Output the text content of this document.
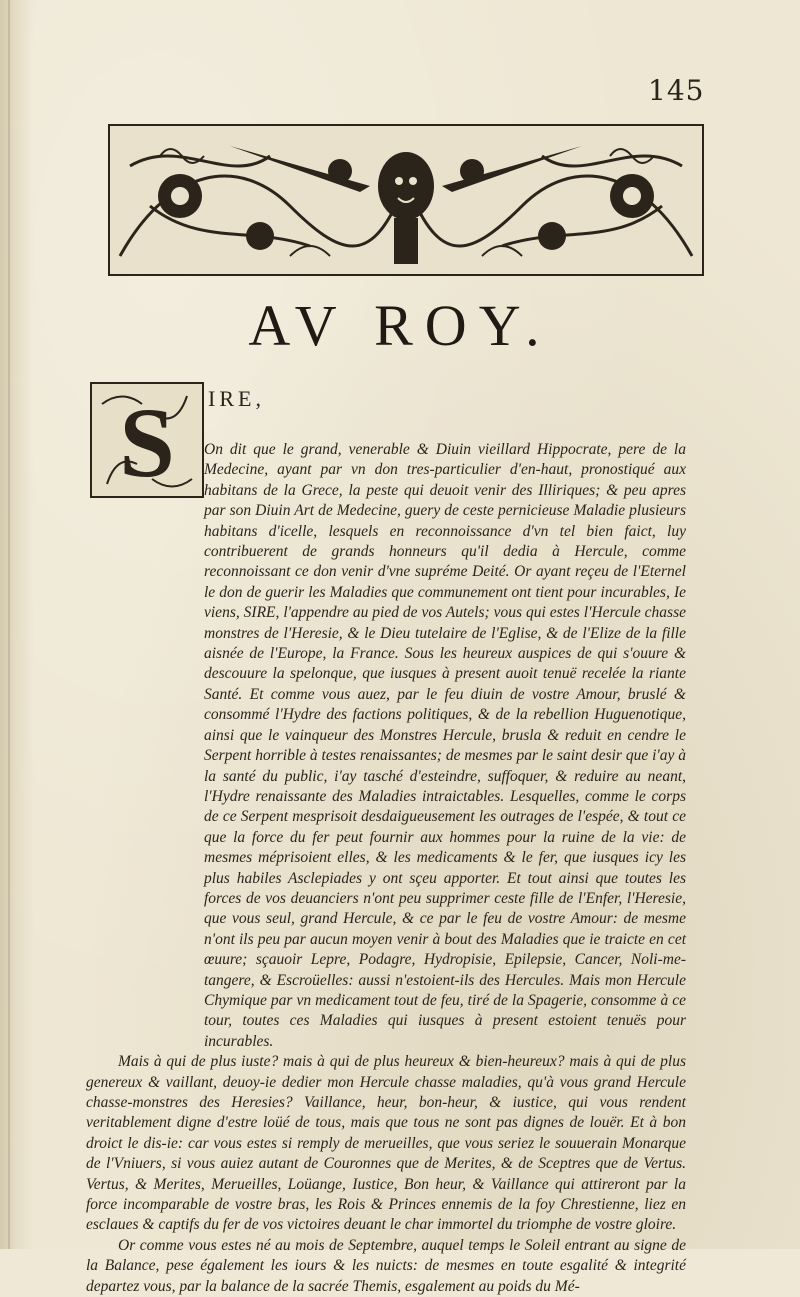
145
AV ROY.
S IRE,

On dit que le grand, venerable & Diuin vieillard Hippocrate, pere de la Medecine, ayant par vn don tres-particulier d'en-haut, pronostiqué aux habitans de la Grece, la peste qui deuoit venir des Illiriques; & peu apres par son Diuin Art de Medecine, guery de ceste pernicieuse Maladie plusieurs habitans d'icelle, lesquels en reconnoissance d'vn tel bien faict, luy contribuerent de grands honneurs qu'il dedia à Hercule, comme reconnoissant ce don venir d'vne supréme Deité. Or ayant reçeu de l'Eternel le don de guerir les Maladies que communement ont tient pour incurables, Ie viens, SIRE, l'appendre au pied de vos Autels; vous qui estes l'Hercule chasse monstres de l'Heresie, & le Dieu tutelaire de l'Eglise, & de l'Elize de la fille aisnée de l'Europe, la France. Sous les heureux auspices de qui s'ouure & descouure la spelonque, que iusques à present auoit tenuë recelée la riante Santé. Et comme vous auez, par le feu diuin de vostre Amour, bruslé & consommé l'Hydre des factions politiques, & de la rebellion Huguenotique, ainsi que le vainqueur des Monstres Hercule, brusla & reduit en cendre le Serpent horrible à testes renaissantes; de mesmes par le saint desir que i'ay à la santé du public, i'ay tasché d'esteindre, suffoquer, & reduire au neant, l'Hydre renaissante des Maladies intraictables. Lesquelles, comme le corps de ce Serpent mesprisoit desdaigueusement les outrages de l'espée, & tout ce que la force du fer peut fournir aux hommes pour la ruine de la vie: de mesmes méprisoient elles, & les medicaments & le fer, que iusques icy les plus habiles Asclepiades y ont sçeu apporter. Et tout ainsi que toutes les forces de vos deuanciers n'ont peu supprimer ceste fille de l'Enfer, l'Heresie, que vous seul, grand Hercule, & ce par le feu de vostre Amour: de mesme n'ont ils peu par aucun moyen venir à bout des Maladies que ie traicte en cet œuure; sçauoir Lepre, Podagre, Hydropisie, Epilepsie, Cancer, Noli-me-tangere, & Escroüelles: aussi n'estoient-ils des Hercules. Mais mon Hercule Chymique par vn medicament tout de feu, tiré de la Spagerie, consomme à ce tour, toutes ces Maladies qui iusques à present estoient tenuës pour incurables.

Mais à qui de plus iuste? mais à qui de plus heureux & bien-heureux? mais à qui de plus genereux & vaillant, deuoy-ie dedier mon Hercule chasse maladies, qu'à vous grand Hercule chasse-monstres des Heresies? Vaillance, heur, bon-heur, & iustice, qui vous rendent veritablement digne d'estre loüé de tous, mais que tous ne sont pas dignes de louër. Et à bon droict le dis-ie: car vous estes si remply de merueilles, que vous seriez le souuerain Monarque de l'Vniuers, si vous auiez autant de Couronnes que de Merites, & de Sceptres que de Vertus. Vertus, & Merites, Merueilles, Loüange, Iustice, Bon heur, & Vaillance qui attireront par la force incomparable de vostre bras, les Rois & Princes ennemis de la foy Chrestienne, liez en esclaues & captifs du fer de vos victoires deuant le char immortel du triomphe de vostre gloire.

Or comme vous estes né au mois de Septembre, auquel temps le Soleil entrant au signe de la Balance, pese également les iours & les nuicts: de mesmes en toute esgalité & integrité departez vous, par la balance de la sacrée Themis, esgalement au poids du Mé-
